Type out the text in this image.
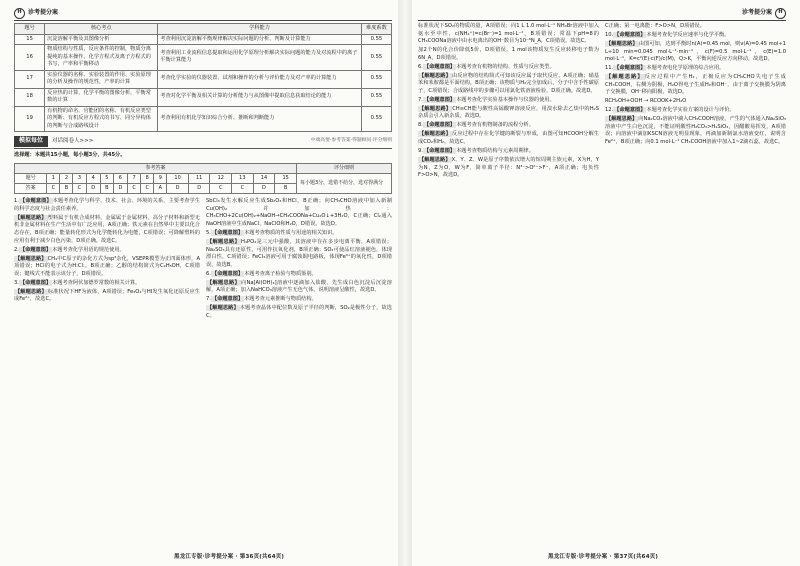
H	诊考提分案
题号	核心考点	学科能力	难度系数
15	沉淀溶解平衡及其图像分析	考查利用沉淀溶解平衡规律解决实际问题的分析、判断及计算能力	0.55
16	物质结构与性质，反应条件的控制，物质分离提纯的基本操作，化学方程式及离子方程式的书写，产率和平衡移动	考查利用工业流程信息提取和运用化学原理分析解决实际问题的能力及对流程中的离子平衡计算能力	0.55
17	实验仪器的名称、实验装置的作用、实验原理的分析及操作的规范性，产率的计算	考查化学实验的仪器装置、试剂和操作的分析与评价能力及对产率的计算能力	0.55
18	反应热的计算，化学平衡的图像分析，平衡常数的计算	考查对化学平衡及相关计算的分析能力与从图像中提取信息获取结论的能力	0.55
19	有机物的命名、官能团的名称、有机反应类型的判断、有机反应方程式的书写、同分异构体的判断与合成路线设计	考查利用有机化学知识综合分析、推断和判断能力	0.55
模拟每位	对话阅卷人>>>	中端高要·参考答案·得题顾问·评分细则
选择题：本题共15小题，每小题3分，共45分。
参考答案																评分细则
题号	1	2	3	4	5	6	7	8	9	10	11	12	13	14	15	每小题3分，选错不给分，选对得满分
答案	C	B	C	D	B	D	C	C	A	D	D	C	C	D	B	

1.【命题意图】本题考查化学与科学、技术、社会、环境的关系，主要考查学生的科学态度与社会责任素养。

【解题思路】塑料属于有机合成材料，金属属于金属材料，高分子材料和新型无机非金属材料在生产生活中有广泛应用，A项正确；铁元素在自然界中主要以化合态存在，B项正确；能量转化形式为化学能转化为电能，C项错误；可降解塑料的应用有利于减少白色污染，D项正确。故选C。

2.【命题意图】本题考查化学用语的规范使用。

【解题思路】CH₄中C原子的杂化方式为sp³杂化，VSEPR模型为正四面体形，A项错误；HCl的电子式为H:Cl:，B项正确；乙醇的结构简式为C₂H₅OH，C项错误；键线式不能表示该分子，D项错误。

3.【命题意图】本题考查阿伏加德罗常数的相关计算。

【解题思路】标准状况下HF为液体，A项错误；Fe₃O₄与HI发生氧化还原反应生成Fe²⁺，故选C。

SbCl₃发生水解反应生成Sb₂O₃和HCl，B正确；向CH₃CHO溶液中加入新制Cu(OH)₂并加热：CH₃CHO+2Cu(OH)₂+NaOH→CH₃COONa+Cu₂O↓+3H₂O，C正确；Cl₂通入NaOH溶液中生成NaCl、NaClO和H₂O，D错误。故选D。

5.【命题意图】本题考查物质的性质与用途的相关知识。

【解题思路】H₃PO₄是三元中强酸，其溶液中存在多步电离平衡，A项错误；Na₂SO₃具有还原性，可用作抗氧化剂，B项正确；SO₂可使品红溶液褪色，体现漂白性，C项错误；FeCl₃溶液可用于腐蚀铜电路板，体现Fe³⁺的氧化性，D项错误。故选B。

6.【命题意图】本题考查离子检验与物质鉴别。

【解题思路】向Na[Al(OH)₄]溶液中逐滴加入盐酸，先生成白色沉淀后沉淀溶解，A项正确；加入NaHCO₃溶液产生无色气体，说明溶液呈酸性，故选D。

7.【命题意图】本题考查元素推断与物质结构。

【解题思路】本题考查晶体中配位数及原子半径的判断，SO₂是极性分子，故选C。

黑龙江专版·诊考提分案 · 第36页(共64页)
诊考提分案	H

标准状况下SO₂的物质的量，A项错误；向1 L 1.0 mol·L⁻¹ NH₄Br溶液中加入氨水至中性，c(NH₄⁺)=c(Br⁻)=1 mol·L⁻¹，B项错误；常温下pH=8的CH₃COONa溶液中由水电离出的OH⁻数目为10⁻⁶N_A，C项错误。故选C。

加2个N的化合价降低5价，D项错误。1 mol该物质发生反应转移电子数为6N_A，D项错误。

6.【命题意图】本题考查有机物的结构、性质与反应类型。

【解题思路】由反应物的结构简式可知该反应属于取代反应，A项正确；硝基苯和苯胺都是平面结构，B项正确；该物质与H₂完全加成后，分子中含手性碳原子，C项错误；合成路线中的步骤可以用氯化铁溶液检验，D项正确。故选D。

7.【命题意图】本题考查化学实验基本操作与仪器的使用。

【解题思路】CH≡CH能与酸性高锰酸钾溶液反应，用溴水除去乙炔中的H₂S杂质会引入新杂质，故选D。

8.【命题意图】本题考查有机物制备的流程分析。

【解题思路】反应过程中存在化学键的断裂与形成，由图可知HCOOH分解生成CO₂和H₂，故选C。

9.【命题意图】本题考查物质结构与元素周期律。

【解题思路】X、Y、Z、W是原子序数依次增大的短周期主族元素，X为H，Y为N，Z为O，W为F，简单离子半径：N³⁻>O²⁻>F⁻，A项正确；电负性F>O>N，故选D。

C正确；第一电离能：F>O>N，D项错误。

10.【命题意图】本题考查化学反应速率与化学平衡。

【解题思路】由图可知，达到平衡时n(A)=0.45 mol，则v(A)=0.45 mol÷1 L÷10 min=0.045 mol·L⁻¹·min⁻¹，c(F)=0.5 mol·L⁻¹，c(E)=1.0 mol·L⁻¹，K=c²(E)·c(F)/c(M)，Q>K，平衡向逆反应方向移动，故选D。

11.【命题意图】本题考查电化学原理的综合应用。

【解题思路】反应过程中产生H₂，正极反应为CH₃CHO失电子生成CH₃COOH，右侧为阴极，H₂O得电子生成H₂和OH⁻，由于离子交换膜为阴离子交换膜，OH⁻移向阳极，故选D。

RCH₂OH+OOH → RCOOK+2H₂O

12.【命题意图】本题考查化学实验方案的设计与评价。

【解题思路】向Na₂CO₃溶液中滴入CH₃COOH溶液，产生的气体通入Na₂SiO₃溶液中产生白色沉淀，不能证明酸性H₂CO₃>H₂SiO₃，因醋酸易挥发，A项错误；向溶液中滴加KSCN溶液无明显现象，再滴加新制氯水溶液变红，说明含Fe²⁺，B项正确；向0.1 mol·L⁻¹ CH₃COOH溶液中加入1~2滴石蕊，故选C。

黑龙江专版·诊考提分案 · 第37页(共64页)
